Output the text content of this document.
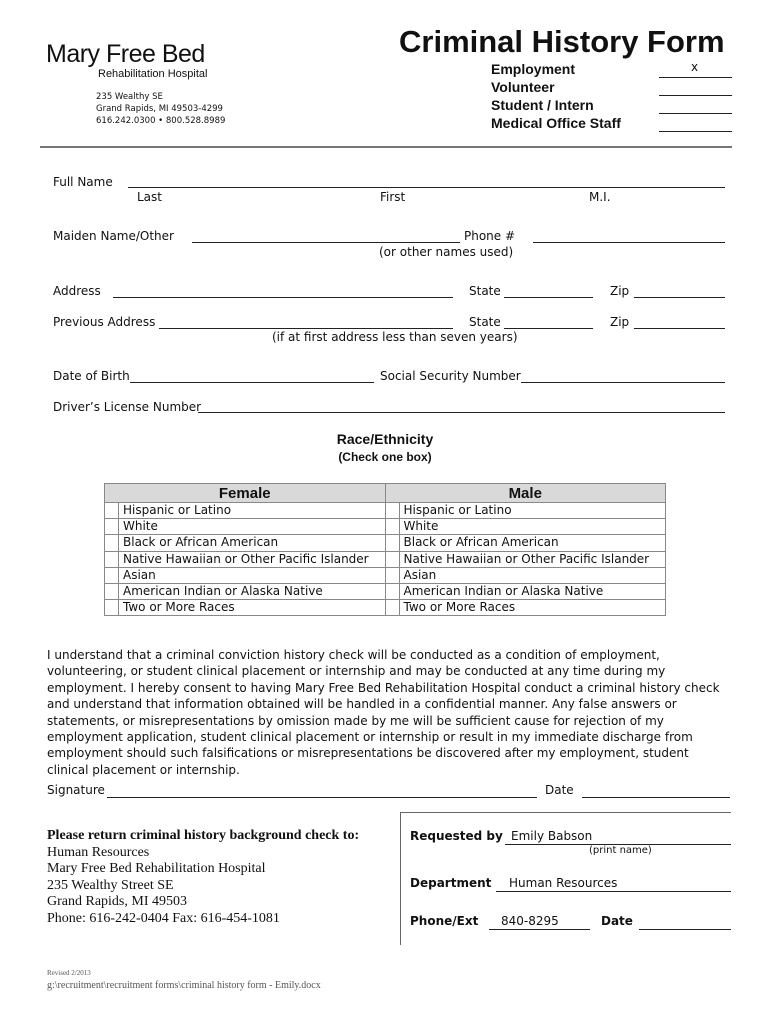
Mary Free Bed
Rehabilitation Hospital
235 Wealthy SE
Grand Rapids, MI 49503-4299
616.242.0300 • 800.528.8989
Criminal History Form
Employment
Volunteer
Student / Intern
Medical Office Staff
x
Full Name
Last	First	M.I.
Maiden Name/Other	Phone #
(or other names used)
Address	State	Zip
Previous Address	State	Zip
(if at first address less than seven years)
Date of Birth	Social Security Number
Driver’s License Number
Race/Ethnicity
(Check one box)
Female		Male	
	Hispanic or Latino		Hispanic or Latino
	White		White
	Black or African American		Black or African American
	Native Hawaiian or Other Pacific Islander		Native Hawaiian or Other Pacific Islander
	Asian		Asian
	American Indian or Alaska Native		American Indian or Alaska Native
	Two or More Races		Two or More Races
I understand that a criminal conviction history check will be conducted as a condition of employment, volunteering, or student clinical placement or internship and may be conducted at any time during my employment. I hereby consent to having Mary Free Bed Rehabilitation Hospital conduct a criminal history check and understand that information obtained will be handled in a confidential manner. Any false answers or statements, or misrepresentations by omission made by me will be sufficient cause for rejection of my employment application, student clinical placement or internship or result in my immediate discharge from employment should such falsifications or misrepresentations be discovered after my employment, student clinical placement or internship.
Signature	Date
Please return criminal history background check to:
Human Resources
Mary Free Bed Rehabilitation Hospital
235 Wealthy Street SE
Grand Rapids, MI 49503
Phone: 616-242-0404 Fax: 616-454-1081
Requested by Emily Babson
(print name)
Department Human Resources
Phone/Ext 840-8295	Date
Revised 2/2013
g:\recruitment\recruitment forms\criminal history form - Emily.docx
